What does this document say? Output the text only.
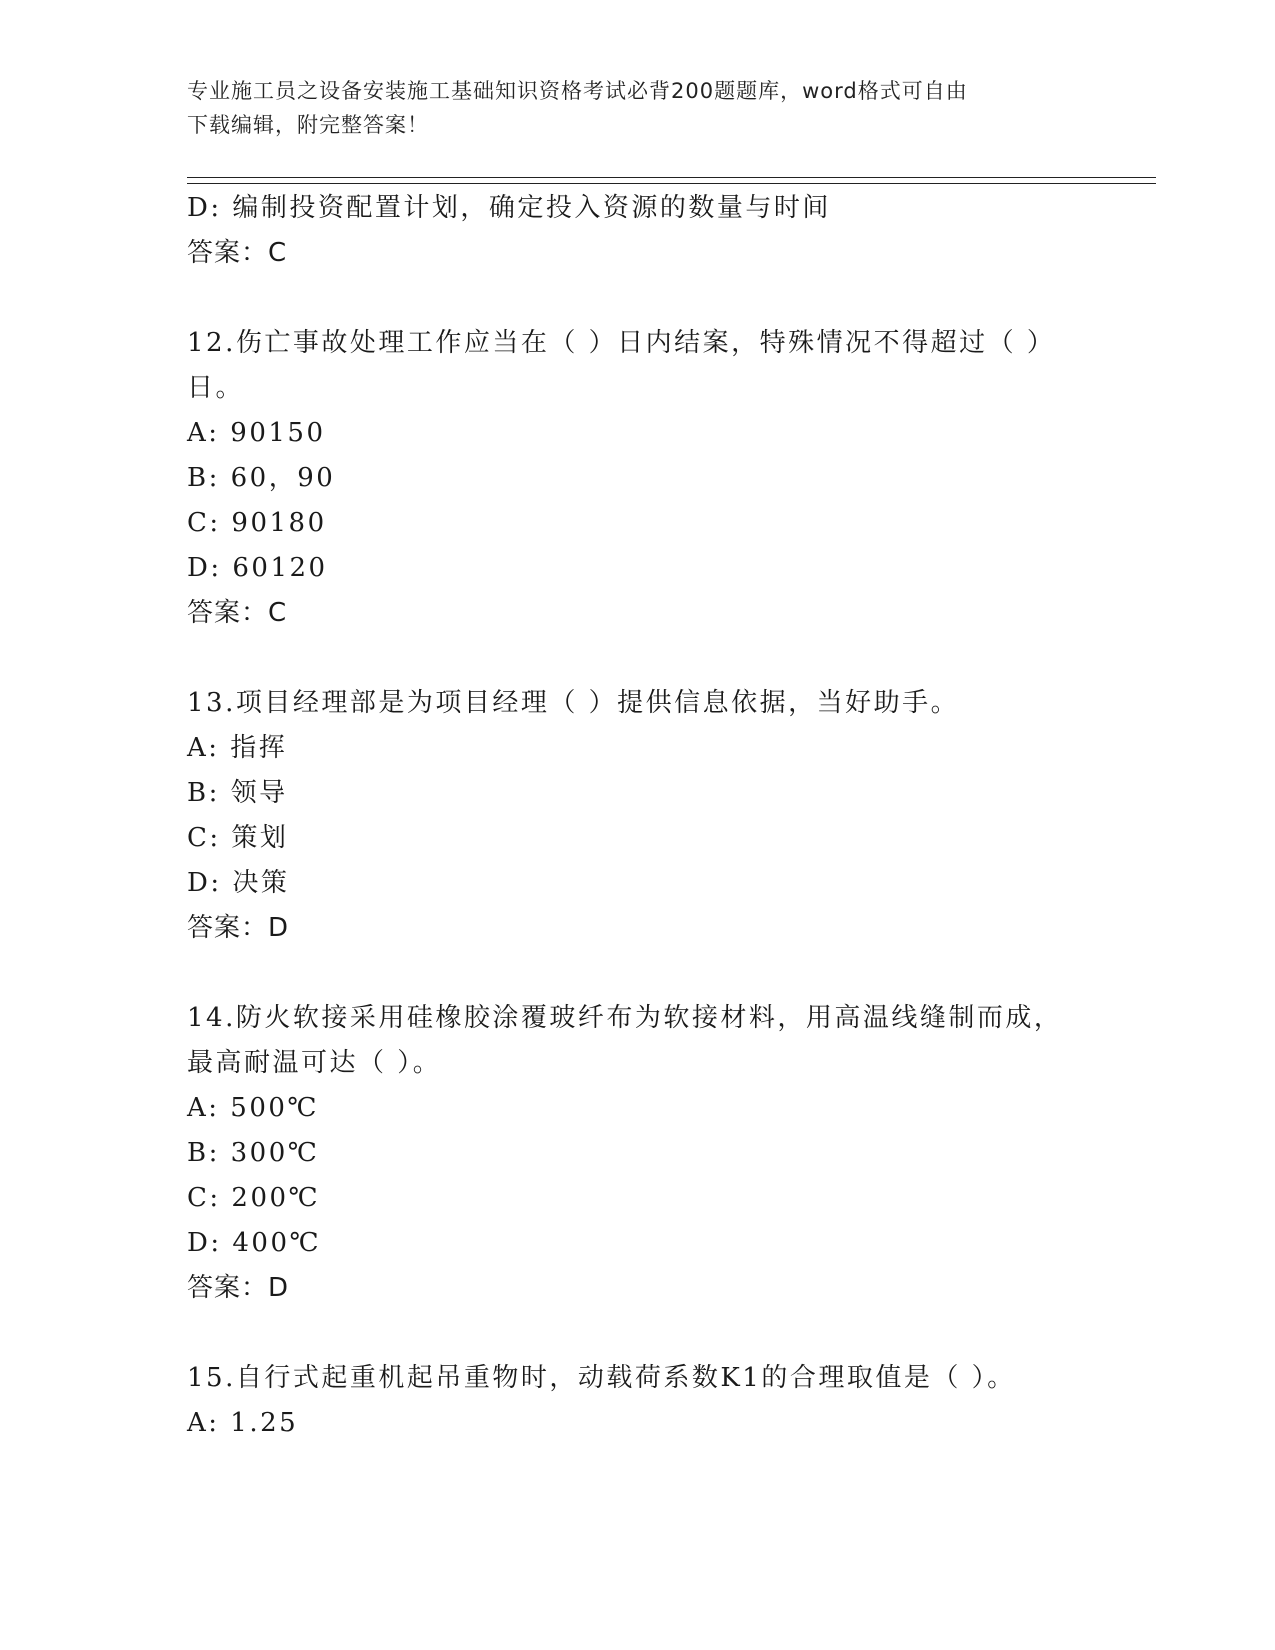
专业施工员之设备安装施工基础知识资格考试必背200题题库，word格式可自由
下载编辑，附完整答案！
D: 编制投资配置计划，确定投入资源的数量与时间
答案：C
12.伤亡事故处理工作应当在（ ）日内结案，特殊情况不得超过（ ）
日。
A: 90150
B: 60，90
C: 90180
D: 60120
答案：C
13.项目经理部是为项目经理（ ）提供信息依据，当好助手。
A: 指挥
B: 领导
C: 策划
D: 决策
答案：D
14.防火软接采用硅橡胶涂覆玻纤布为软接材料，用高温线缝制而成，
最高耐温可达（ ）。
A: 500℃
B: 300℃
C: 200℃
D: 400℃
答案：D
15.自行式起重机起吊重物时，动载荷系数K1的合理取值是（ ）。
A: 1.25
